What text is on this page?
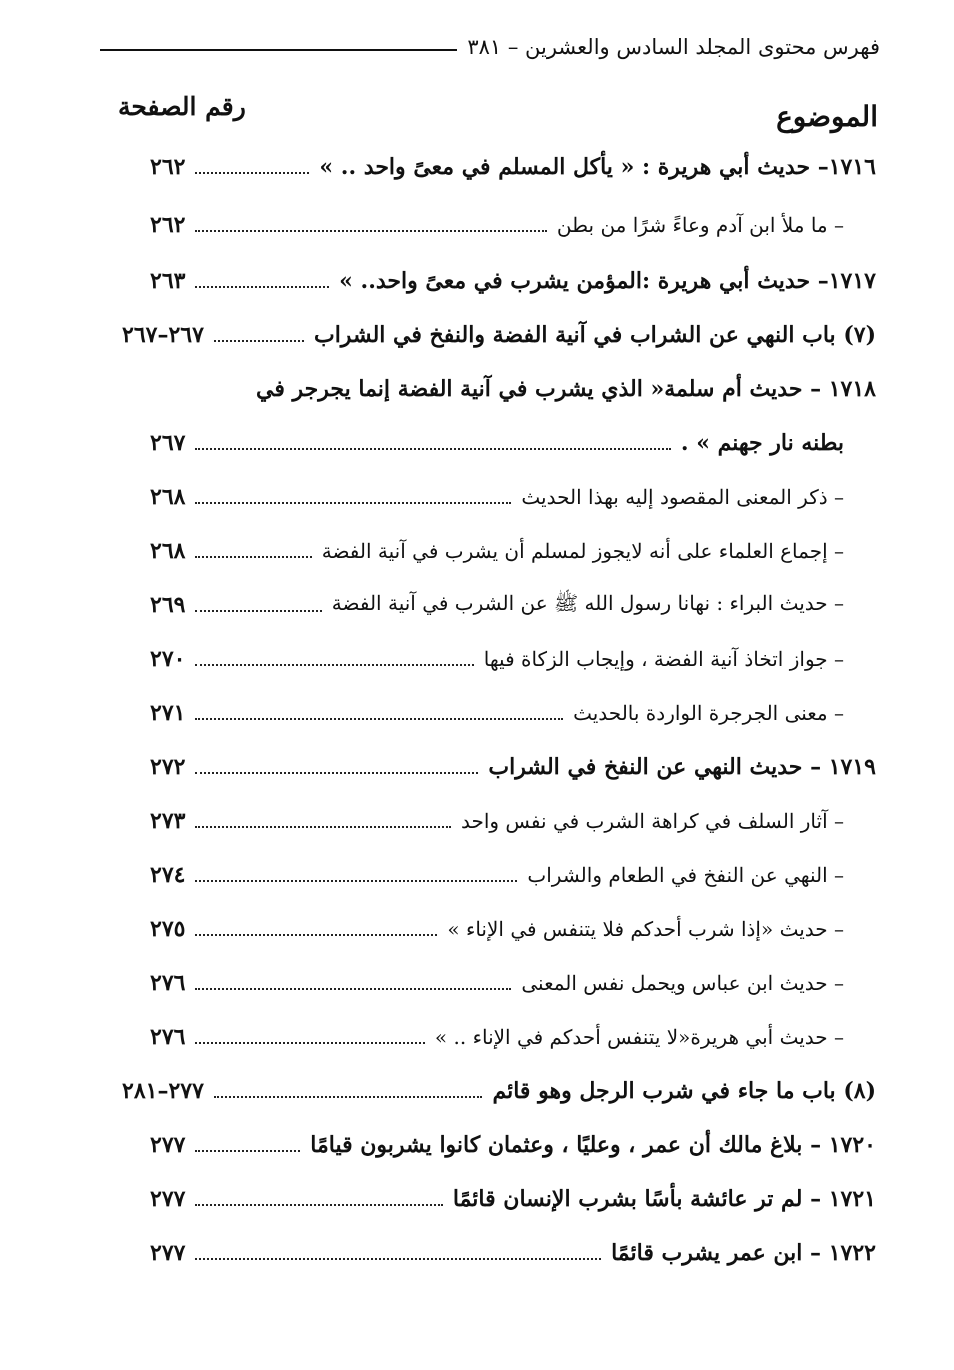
فهرس محتوى المجلد السادس والعشرين – ٣٨١
الموضوع
رقم الصفحة
١٧١٦– حديث أبي هريرة : « يأكل المسلم في معىً واحد .. »
٢٦٢
– ما ملأ ابن آدم وعاءً شرًا من بطن
٢٦٢
١٧١٧– حديث أبي هريرة :المؤمن يشرب في معىً واحد.. »
٢٦٣
(٧) باب النهي عن الشراب في آنية الفضة والنفخ في الشراب
٢٦٧–٢٦٧
١٧١٨ – حديث أم سلمة« الذي يشرب في آنية الفضة إنما يجرجر في
بطنه نار جهنم » .
٢٦٧
– ذكر المعنى المقصود إليه بهذا الحديث
٢٦٨
– إجماع العلماء على أنه لايجوز لمسلم أن يشرب في آنية الفضة
٢٦٨
– حديث البراء : نهانا رسول الله ﷺ عن الشرب في آنية الفضة
٢٦٩
– جواز اتخاذ آنية الفضة ، وإيجاب الزكاة فيها
٢٧٠
– معنى الجرجرة الواردة بالحديث
٢٧١
١٧١٩ – حديث النهي عن النفخ في الشراب
٢٧٢
– آثار السلف في كراهة الشرب في نفس واحد
٢٧٣
– النهي عن النفخ في الطعام والشراب
٢٧٤
– حديث «إذا شرب أحدكم فلا يتنفس في الإناء »
٢٧٥
– حديث ابن عباس ويحمل نفس المعنى
٢٧٦
– حديث أبي هريرة«لا يتنفس أحدكم في الإناء .. »
٢٧٦
(٨) باب ما جاء في شرب الرجل وهو قائم
٢٧٧–٢٨١
١٧٢٠ – بلاغ مالك أن عمر ، وعليًا ، وعثمان كانوا يشربون قيامًا
٢٧٧
١٧٢١ – لم تر عائشة بأسًا بشرب الإنسان قائمًا
٢٧٧
١٧٢٢ – ابن عمر يشرب قائمًا
٢٧٧
